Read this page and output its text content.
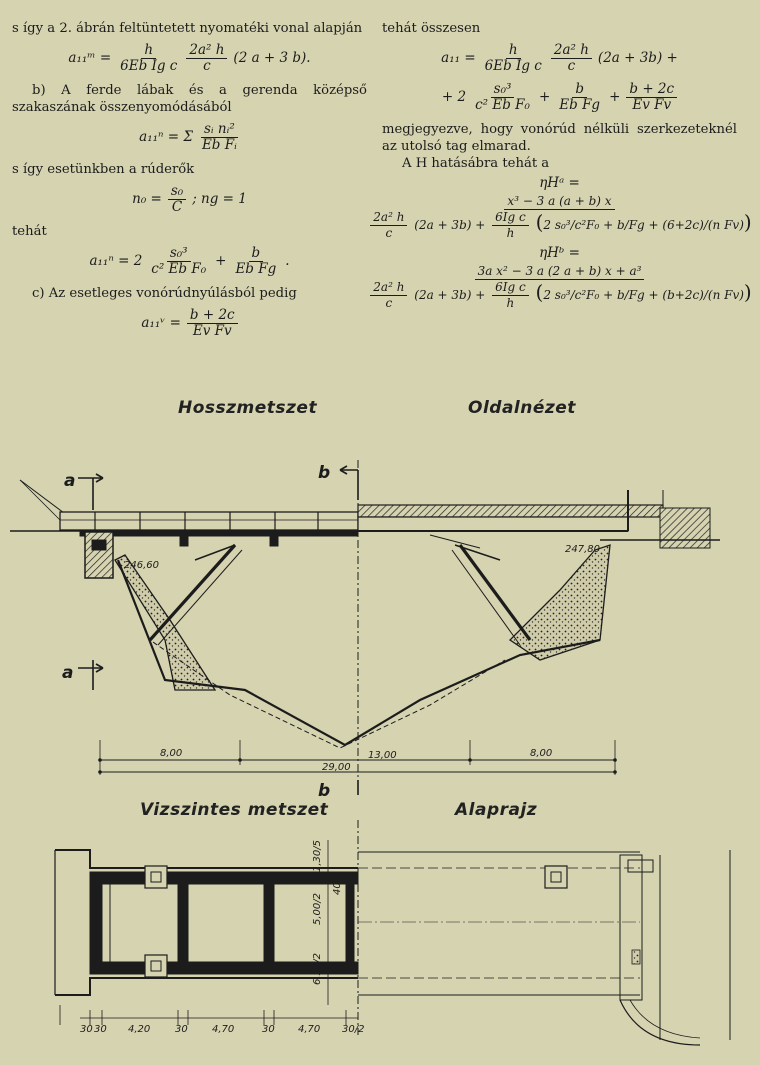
s így a 2. ábrán feltüntetett nyomatéki vonal alapján

a₁₁ᵐ = $\frac{h}{\text{6Eb Ig c}} \frac{\text{2a² h}}{c} (2$ a + 3 b).

b) A ferde lábak és a gerenda középső szakaszának összenyomódásából

a₁₁ⁿ = Σ $\frac{\text{sᵢ nᵢ²}}{\text{Eb Fᵢ}}$

s így esetünkben a rúderők

$n_0 = \frac{\text{s₀}}{C}$ ; ng = 1

tehát

$a_{11}^n = 2 \frac{\text{s₀³}}{\text{c² Eb F₀}} + \frac{b}{\text{Eb Fg}}$ .

c) Az esetleges vonórúdnyúlásból pedig

a₁₁ᵛ = $\frac{b + 2c}{\text{Ev Fv}}$

tehát összesen

$a_{11} = \frac{h}{\text{6Eb Ig c}} \frac{\text{2a² h}}{c} (2a + 3b)$ +
+ $2 \frac{\text{s₀³}}{\text{c² Eb F₀}} + \frac{b}{\text{Eb Fg}} + \frac{b + 2c}{\text{Ev Fv}}$

megjegyezve, hogy vonórúd nélküli szerkezeteknél az utolsó tag elmarad.

A H hatásábra tehát a

ηHᵃ =
x³ − 3 a (a + b) x
$\frac{\text{2a² h}}{c} (2a + 3b) + \frac{\text{6Ig c}}{h} (2$ s₀³/c²F₀ + b/Fg + (6+2c)/(n Fv))
ηHᵇ =
3a x² − 3 a (2 a + b) x + a³
$\frac{\text{2a² h}}{c} (2a + 3b) + \frac{\text{6Ig c}}{h} (2$ s₀³/c²F₀ + b/Fg + (b+2c)/(n Fv))
Hosszmetszet	Oldalnézet
Vizszintes metszet	Alaprajz
a
a
b
b
246,60
247,80
8,00	13,00	8,00
29,00
30 30 4,20 30 4,70	30 4,70 30/2
1,30/5
5,00/2
6,50/2
40
